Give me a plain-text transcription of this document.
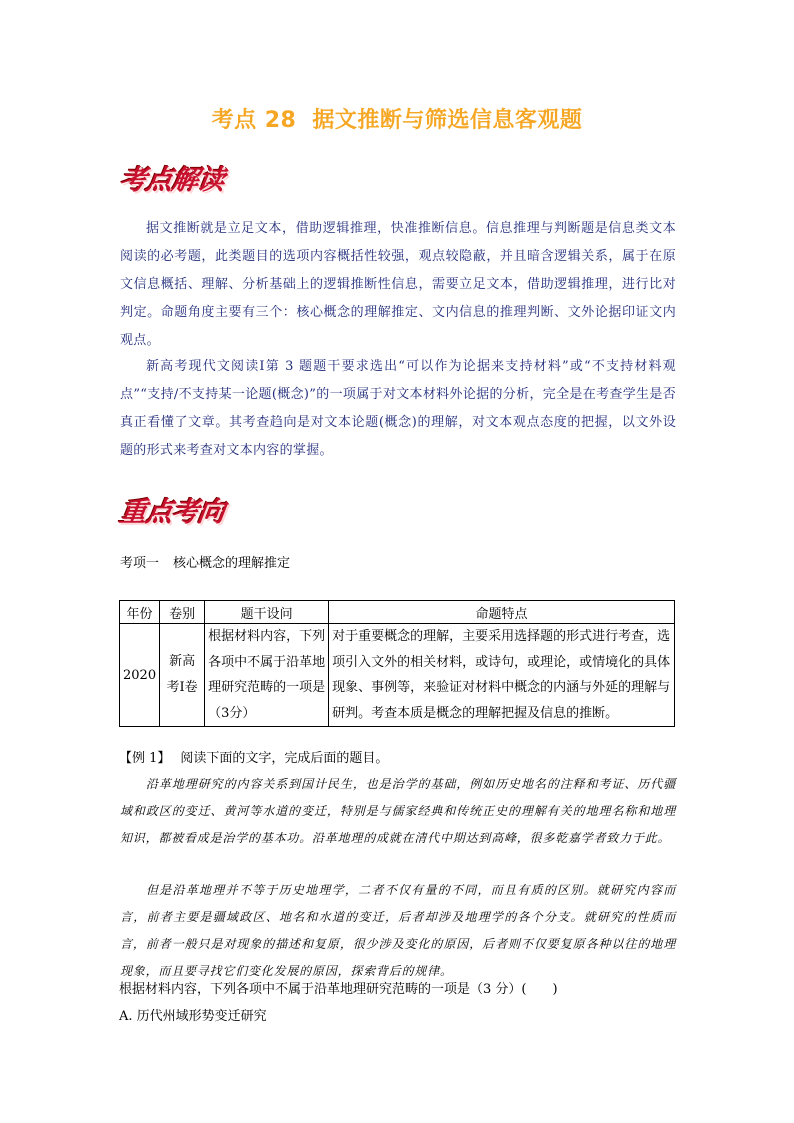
考点 28 据文推断与筛选信息客观题
考点解读

据文推断就是立足文本，借助逻辑推理，快准推断信息。信息推理与判断题是信息类文本阅读的必考题，此类题目的选项内容概括性较强，观点较隐蔽，并且暗含逻辑关系，属于在原文信息概括、理解、分析基础上的逻辑推断性信息，需要立足文本，借助逻辑推理，进行比对判定。命题角度主要有三个：核心概念的理解推定、文内信息的推理判断、文外论据印证文内观点。

新高考现代文阅读Ⅰ第 3 题题干要求选出“可以作为论据来支持材料”或“不支持材料观点”“支持/不支持某一论题(概念)”的一项属于对文本材料外论据的分析，完全是在考查学生是否真正看懂了文章。其考查趋向是对文本论题(概念)的理解，对文本观点态度的把握，以文外设题的形式来考查对文本内容的掌握。

重点考向
考项一 核心概念的理解推定
年份	卷别	题干设问	命题特点
2020	新高考Ⅰ卷	根据材料内容，下列各项中不属于沿革地理研究范畴的一项是（3分）	对于重要概念的理解，主要采用选择题的形式进行考查，选项引入文外的相关材料，或诗句，或理论，或情境化的具体现象、事例等，来验证对材料中概念的内涵与外延的理解与研判。考查本质是概念的理解把握及信息的推断。
【例 1】 阅读下面的文字，完成后面的题目。

沿革地理研究的内容关系到国计民生，也是治学的基础，例如历史地名的注释和考证、历代疆域和政区的变迁、黄河等水道的变迁，特别是与儒家经典和传统正史的理解有关的地理名称和地理知识，都被看成是治学的基本功。沿革地理的成就在清代中期达到高峰，很多乾嘉学者致力于此。

但是沿革地理并不等于历史地理学，二者不仅有量的不同，而且有质的区别。就研究内容而言，前者主要是疆域政区、地名和水道的变迁，后者却涉及地理学的各个分支。就研究的性质而言，前者一般只是对现象的描述和复原，很少涉及变化的原因，后者则不仅要复原各种以往的地理现象，而且要寻找它们变化发展的原因，探索背后的规律。

根据材料内容，下列各项中不属于沿革地理研究范畴的一项是（3 分）(　　)
A. 历代州域形势变迁研究
